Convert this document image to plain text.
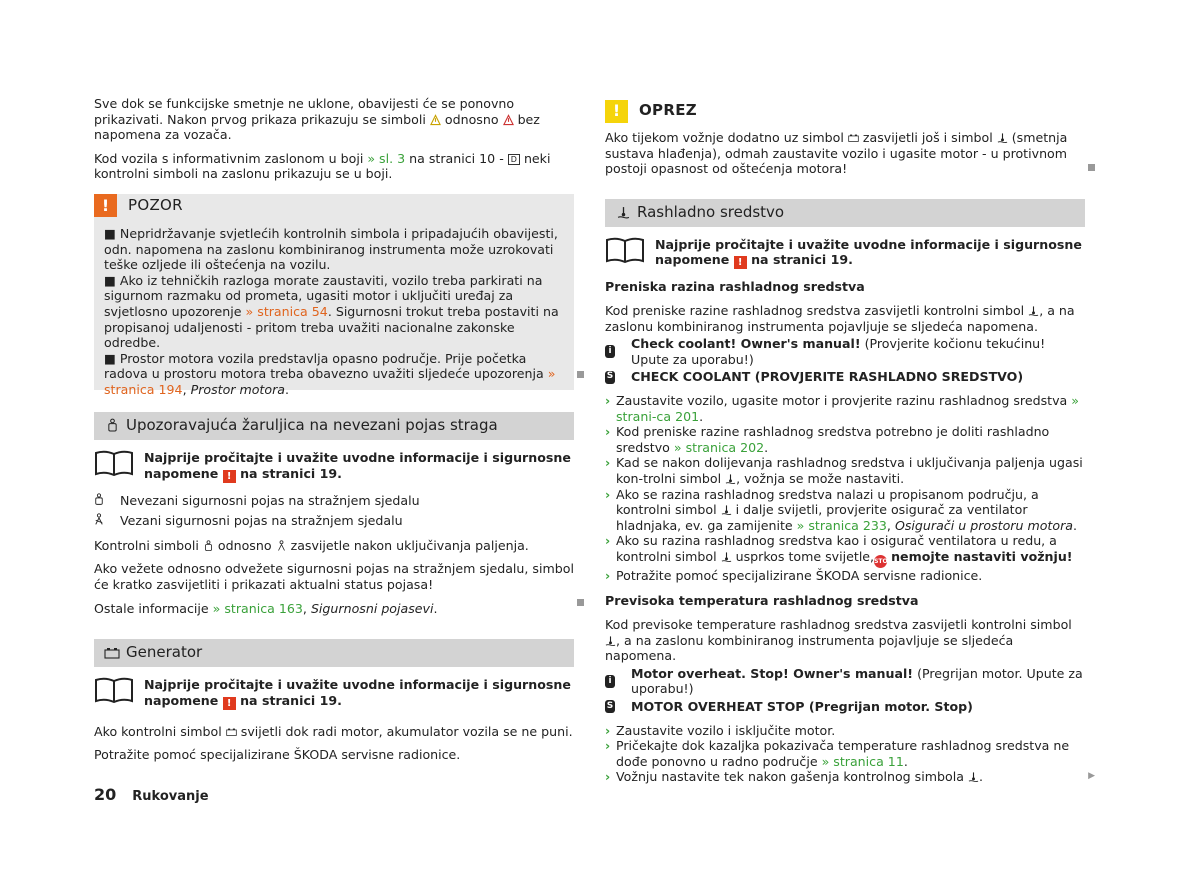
Sve dok se funkcijske smetnje ne uklone, obavijesti će se ponovno prikazivati. Nakon prvog prikaza prikazuju se simboli odnosno bez napomena za vozača.

Kod vozila s informativnim zaslonom u boji » sl. 3 na stranici 10 - D neki kontrolni simboli na zaslonu prikazuju se u boji.

!	POZOR
■ Nepridržavanje svjetlećih kontrolnih simbola i pripadajućih obavijesti, odn. napomena na zaslonu kombiniranog instrumenta može uzrokovati teške ozljede ili oštećenja na vozilu.
■ Ako iz tehničkih razloga morate zaustaviti, vozilo treba parkirati na sigurnom razmaku od prometa, ugasiti motor i uključiti uređaj za svjetlosno upozorenje » stranica 54. Sigurnosni trokut treba postaviti na propisanoj udaljenosti - pritom treba uvažiti nacionalne zakonske odredbe.
■ Prostor motora vozila predstavlja opasno područje. Prije početka radova u prostoru motora treba obavezno uvažiti sljedeće upozorenja » stranica 194, Prostor motora.
Upozoravajuća žaruljica na nevezani pojas straga
Najprije pročitajte i uvažite uvodne informacije i sigurnosne napomene ! na stranici 19.
Nevezani sigurnosni pojas na stražnjem sjedalu
Vezani sigurnosni pojas na stražnjem sjedalu

Kontrolni simboli odnosno zasvijetle nakon uključivanja paljenja.

Ako vežete odnosno odvežete sigurnosni pojas na stražnjem sjedalu, simbol će kratko zasvijetliti i prikazati aktualni status pojasa!

Ostale informacije » stranica 163, Sigurnosni pojasevi.

Generator
Najprije pročitajte i uvažite uvodne informacije i sigurnosne napomene ! na stranici 19.

Ako kontrolni simbol svijetli dok radi motor, akumulator vozila se ne puni.

Potražite pomoć specijalizirane ŠKODA servisne radionice.

!	OPREZ

Ako tijekom vožnje dodatno uz simbol zasvijetli još i simbol (smetnja sustava hlađenja), odmah zaustavite vozilo i ugasite motor - u protivnom postoji opasnost od oštećenja motora!

Rashladno sredstvo
Najprije pročitajte i uvažite uvodne informacije i sigurnosne napomene ! na stranici 19.
Preniska razina rashladnog sredstva

Kod preniske razine rashladnog sredstva zasvijetli kontrolni simbol , a na zaslonu kombiniranog instrumenta pojavljuje se sljedeća napomena.

i Check coolant! Owner's manual! (Provjerite kočionu tekućinu! Upute za uporabu!)
S CHECK COOLANT (PROVJERITE RASHLADNO SREDSTVO)
› Zaustavite vozilo, ugasite motor i provjerite razinu rashladnog sredstva » strani-ca 201.
› Kod preniske razine rashladnog sredstva potrebno je doliti rashladno sredstvo » stranica 202.
› Kad se nakon dolijevanja rashladnog sredstva i uključivanja paljenja ugasi kon-trolni simbol , vožnja se može nastaviti.
› Ako se razina rashladnog sredstva nalazi u propisanom području, a kontrolni simbol i dalje svijetli, provjerite osigurač za ventilator hladnjaka, ev. ga zamijenite » stranica 233, Osigurači u prostoru motora.
› Ako su razina rashladnog sredstva kao i osigurač ventilatora u redu, a kontrolni simbol usprkos tome svijetle,STOP nemojte nastaviti vožnju!
› Potražite pomoć specijalizirane ŠKODA servisne radionice.
Previsoka temperatura rashladnog sredstva

Kod previsoke temperature rashladnog sredstva zasvijetli kontrolni simbol , a na zaslonu kombiniranog instrumenta pojavljuje se sljedeća napomena.

i Motor overheat. Stop! Owner's manual! (Pregrijan motor. Upute za uporabu!)
S MOTOR OVERHEAT STOP (Pregrijan motor. Stop)
› Zaustavite vozilo i isključite motor.
› Pričekajte dok kazaljka pokazivača temperature rashladnog sredstva ne dođe ponovno u radno područje » stranica 11.
› Vožnju nastavite tek nakon gašenja kontrolnog simbola .	▶
20 Rukovanje
